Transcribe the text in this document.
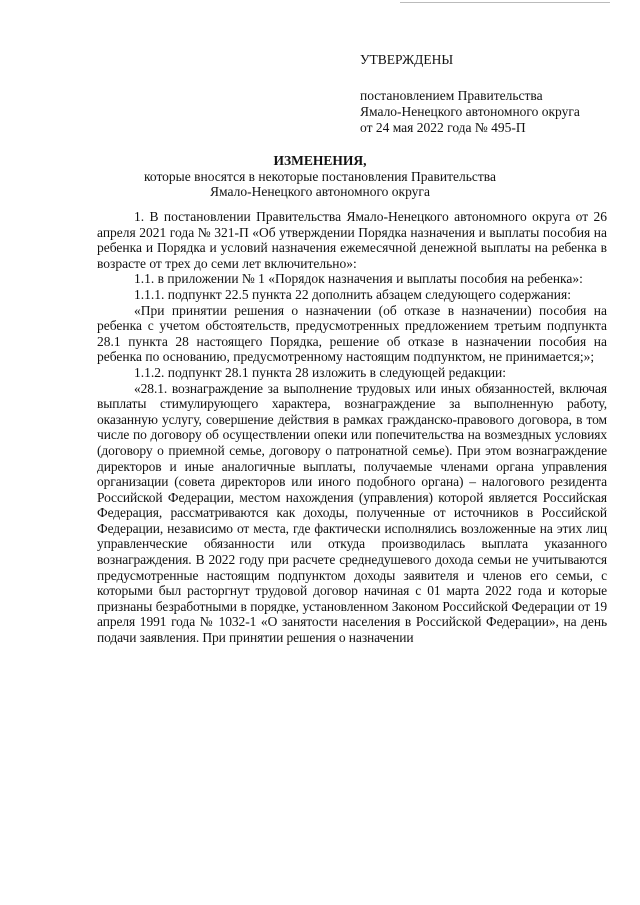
УТВЕРЖДЕНЫ
постановлением Правительства
Ямало-Ненецкого автономного округа
от 24 мая 2022 года № 495-П
ИЗМЕНЕНИЯ,
которые вносятся в некоторые постановления Правительства
Ямало-Ненецкого автономного округа

1. В постановлении Правительства Ямало-Ненецкого автономного округа от 26 апреля 2021 года № 321-П «Об утверждении Порядка назначения и выплаты пособия на ребенка и Порядка и условий назначения ежемесячной денежной выплаты на ребенка в возрасте от трех до семи лет включительно»:

1.1. в приложении № 1 «Порядок назначения и выплаты пособия на ребенка»:

1.1.1. подпункт 22.5 пункта 22 дополнить абзацем следующего содержания:

«При принятии решения о назначении (об отказе в назначении) пособия на ребенка с учетом обстоятельств, предусмотренных предложением третьим подпункта 28.1 пункта 28 настоящего Порядка, решение об отказе в назначении пособия на ребенка по основанию, предусмотренному настоящим подпунктом, не принимается;»;

1.1.2. подпункт 28.1 пункта 28 изложить в следующей редакции:

«28.1. вознаграждение за выполнение трудовых или иных обязанностей, включая выплаты стимулирующего характера, вознаграждение за выполненную работу, оказанную услугу, совершение действия в рамках гражданско-правового договора, в том числе по договору об осуществлении опеки или попечительства на возмездных условиях (договору о приемной семье, договору о патронатной семье). При этом вознаграждение директоров и иные аналогичные выплаты, получаемые членами органа управления организации (совета директоров или иного подобного органа) – налогового резидента Российской Федерации, местом нахождения (управления) которой является Российская Федерация, рассматриваются как доходы, полученные от источников в Российской Федерации, независимо от места, где фактически исполнялись возложенные на этих лиц управленческие обязанности или откуда производилась выплата указанного вознаграждения. В 2022 году при расчете среднедушевого дохода семьи не учитываются предусмотренные настоящим подпунктом доходы заявителя и членов его семьи, с которыми был расторгнут трудовой договор начиная с 01 марта 2022 года и которые признаны безработными в порядке, установленном Законом Российской Федерации от 19 апреля 1991 года № 1032-1 «О занятости населения в Российской Федерации», на день подачи заявления. При принятии решения о назначении
